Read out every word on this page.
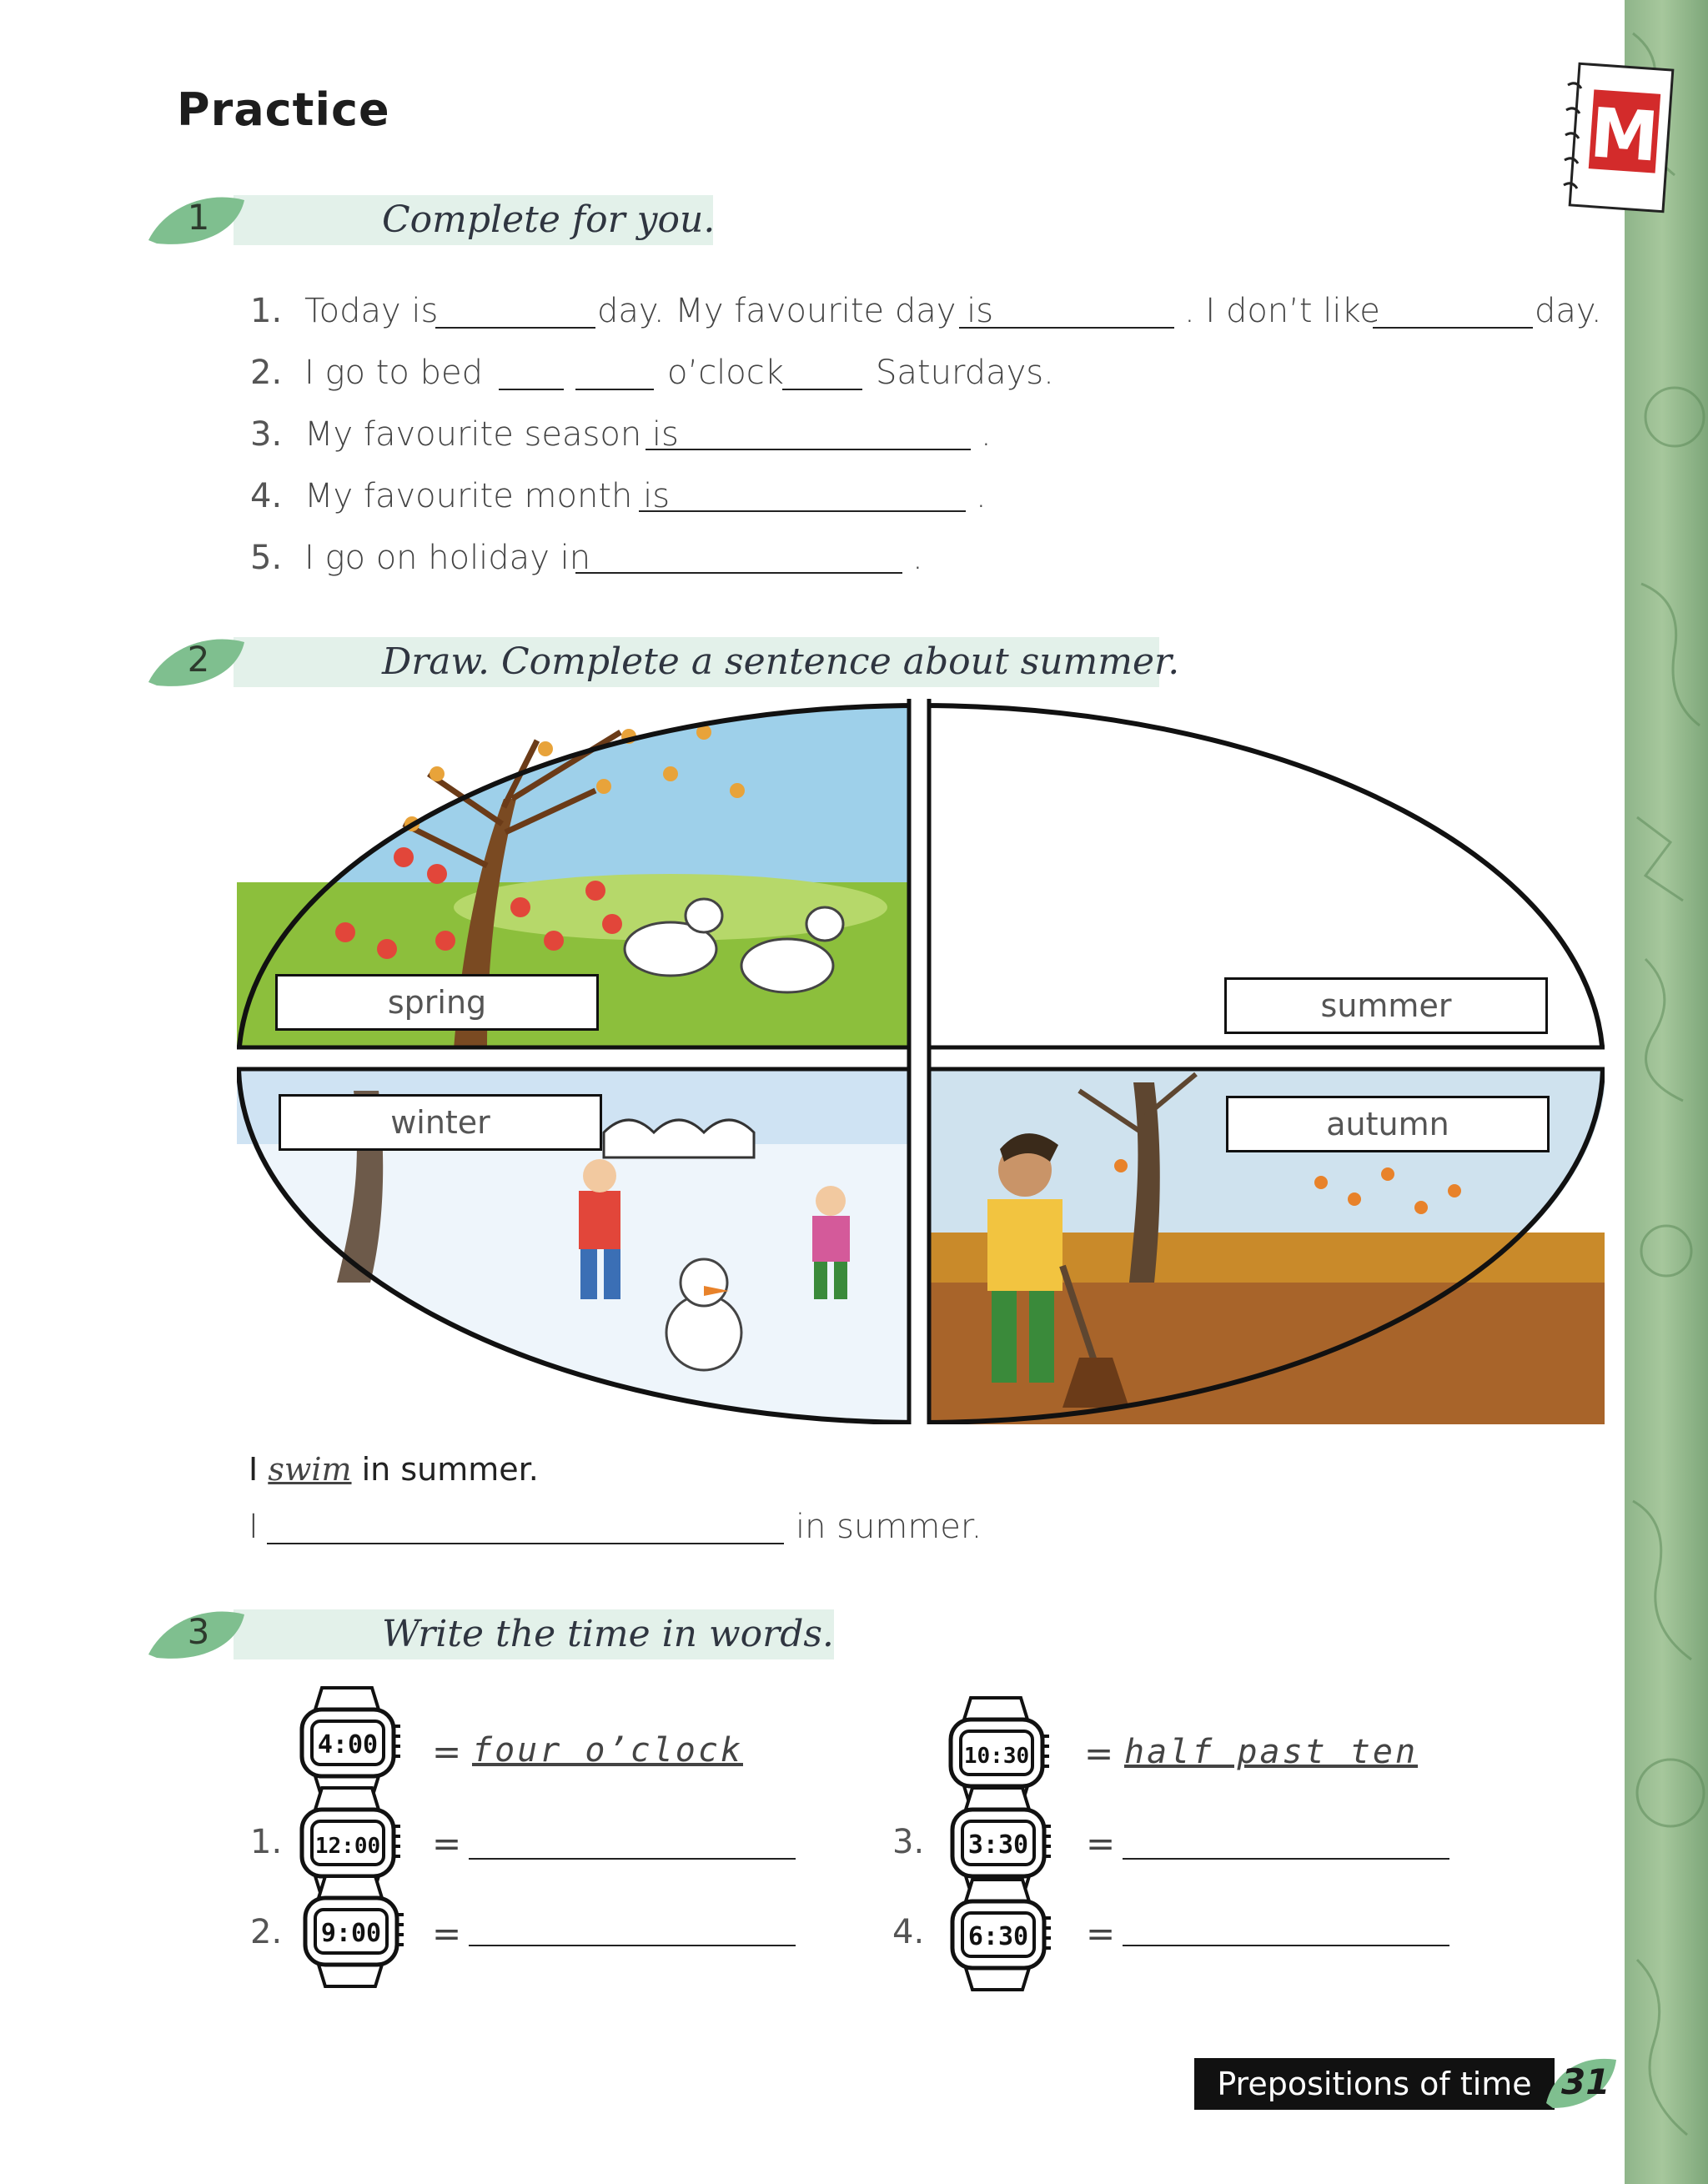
Practice	M
1	Complete for you.
1. Today is	day. My favourite day is	. I don’t like	day.
2. I go to bed	o’clock	Saturdays.
3. My favourite season is	.
4. My favourite month is	.
5. I go on holiday in	.
2	Draw. Complete a sentence about summer.
spring	summer
winter	autumn
I swim in summer.
I	in summer.
3	Write the time in words.
4:00 = four o’clock	10:30 = half past ten
1. 12:00 =
2. 9:00 =
3. 3:30 =
4. 6:30 =
Prepositions of time 31
